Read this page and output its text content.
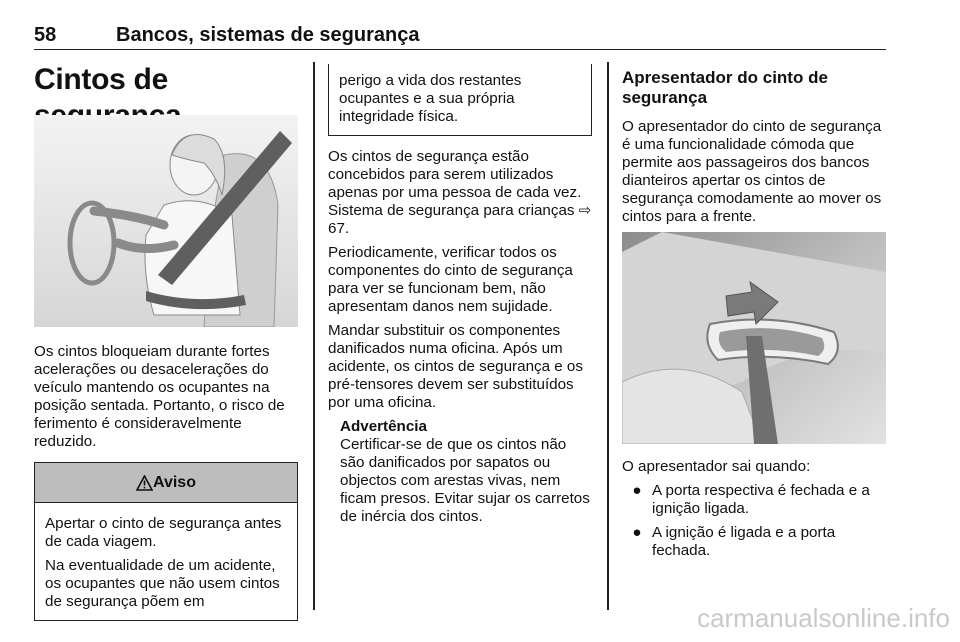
58	Bancos, sistemas de segurança
Cintos de

Os cintos bloqueiam durante fortes acelerações ou desacelerações do veículo mantendo os ocupantes na posição sentada. Portanto, o risco de ferimento é consideravelmente reduzido.

Aviso

Apertar o cinto de segurança antes de cada viagem.

Na eventualidade de um acidente, os ocupantes que não usem cintos de segurança põem em

perigo a vida dos restantes ocupantes e a sua própria integridade física.

Os cintos de segurança estão concebidos para serem utilizados apenas por uma pessoa de cada vez. Sistema de segurança para crianças ⇨ 67.

Periodicamente, verificar todos os componentes do cinto de segurança para ver se funcionam bem, não apresentam danos nem sujidade.

Mandar substituir os componentes danificados numa oficina. Após um acidente, os cintos de segurança e os pré-tensores devem ser substituídos por uma oficina.

Advertência

Certificar-se de que os cintos não são danificados por sapatos ou objectos com arestas vivas, nem ficam presos. Evitar sujar os carretos de inércia dos cintos.

Apresentador do cinto de segurança

O apresentador do cinto de segurança é uma funcionalidade cómoda que permite aos passageiros dos bancos dianteiros apertar os cintos de segurança comodamente ao mover os cintos para a frente.

O apresentador sai quando:

● A porta respectiva é fechada e a ignição ligada.
● A ignição é ligada e a porta fechada.
carmanualsonline.info
